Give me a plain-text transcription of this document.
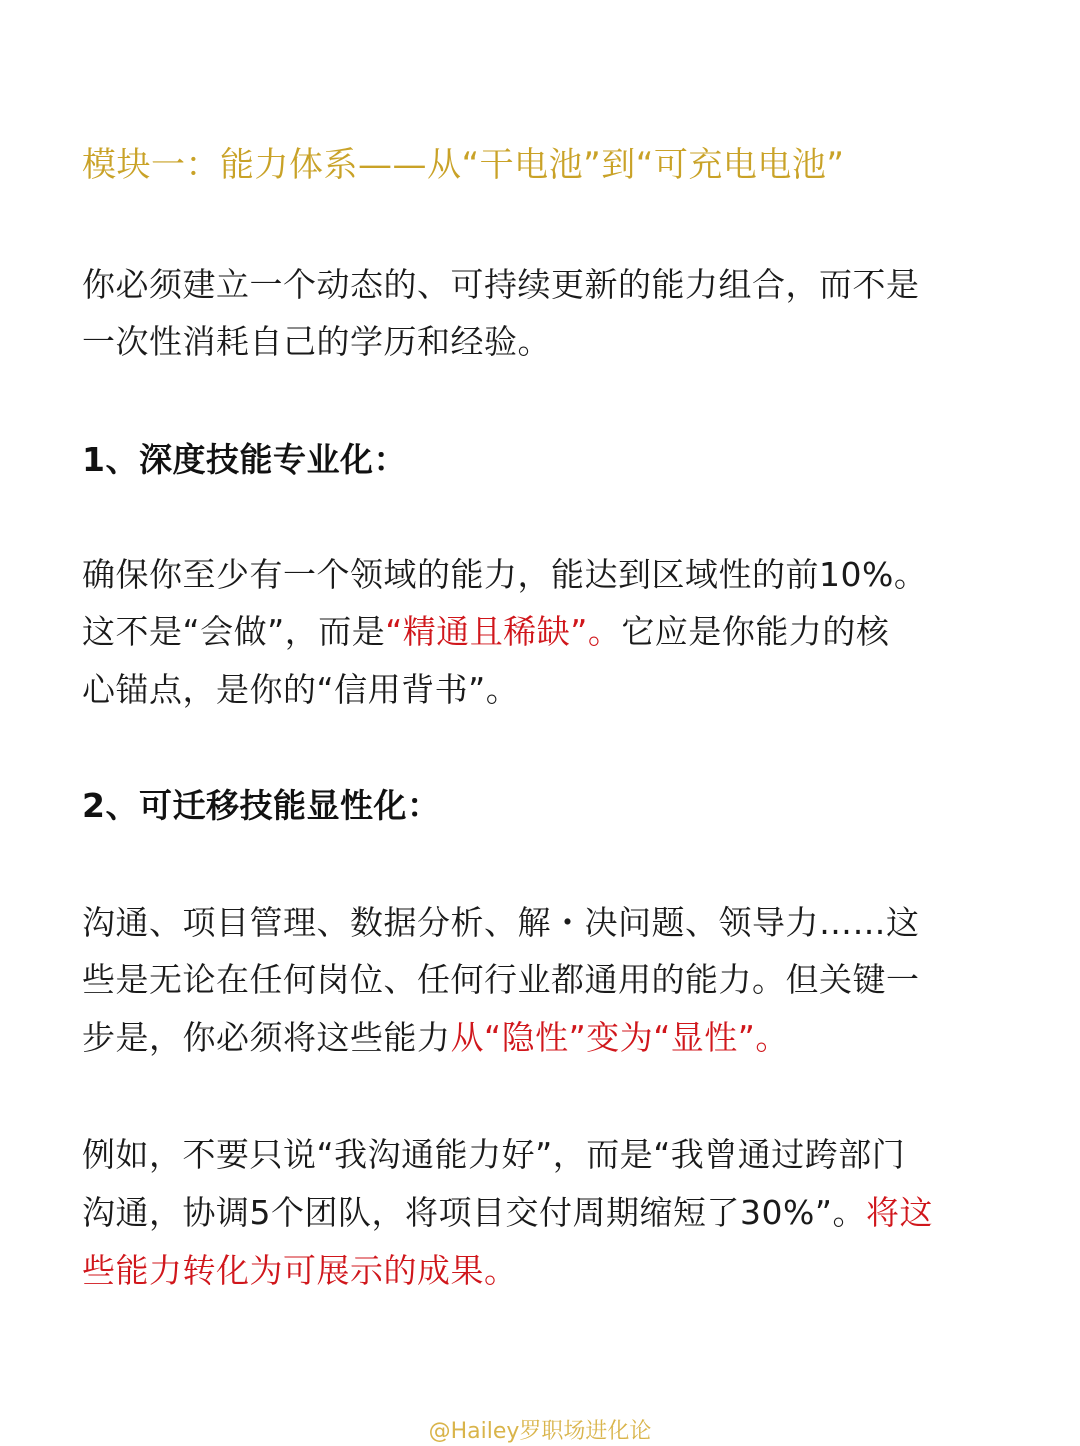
模块一：能力体系——从“干电池”到“可充电电池”
你必须建立一个动态的、可持续更新的能力组合，而不是
一次性消耗自己的学历和经验。
1、深度技能专业化：
确保你至少有一个领域的能力，能达到区域性的前10%。
这不是“会做”，而是“精通且稀缺”。它应是你能力的核
心锚点，是你的“信用背书”。
2、可迁移技能显性化：
沟通、项目管理、数据分析、解・决问题、领导力……这
些是无论在任何岗位、任何行业都通用的能力。但关键一
步是，你必须将这些能力从“隐性”变为“显性”。
例如，不要只说“我沟通能力好”，而是“我曾通过跨部门
沟通，协调5个团队，将项目交付周期缩短了30%”。将这
些能力转化为可展示的成果。
@Hailey罗职场进化论
